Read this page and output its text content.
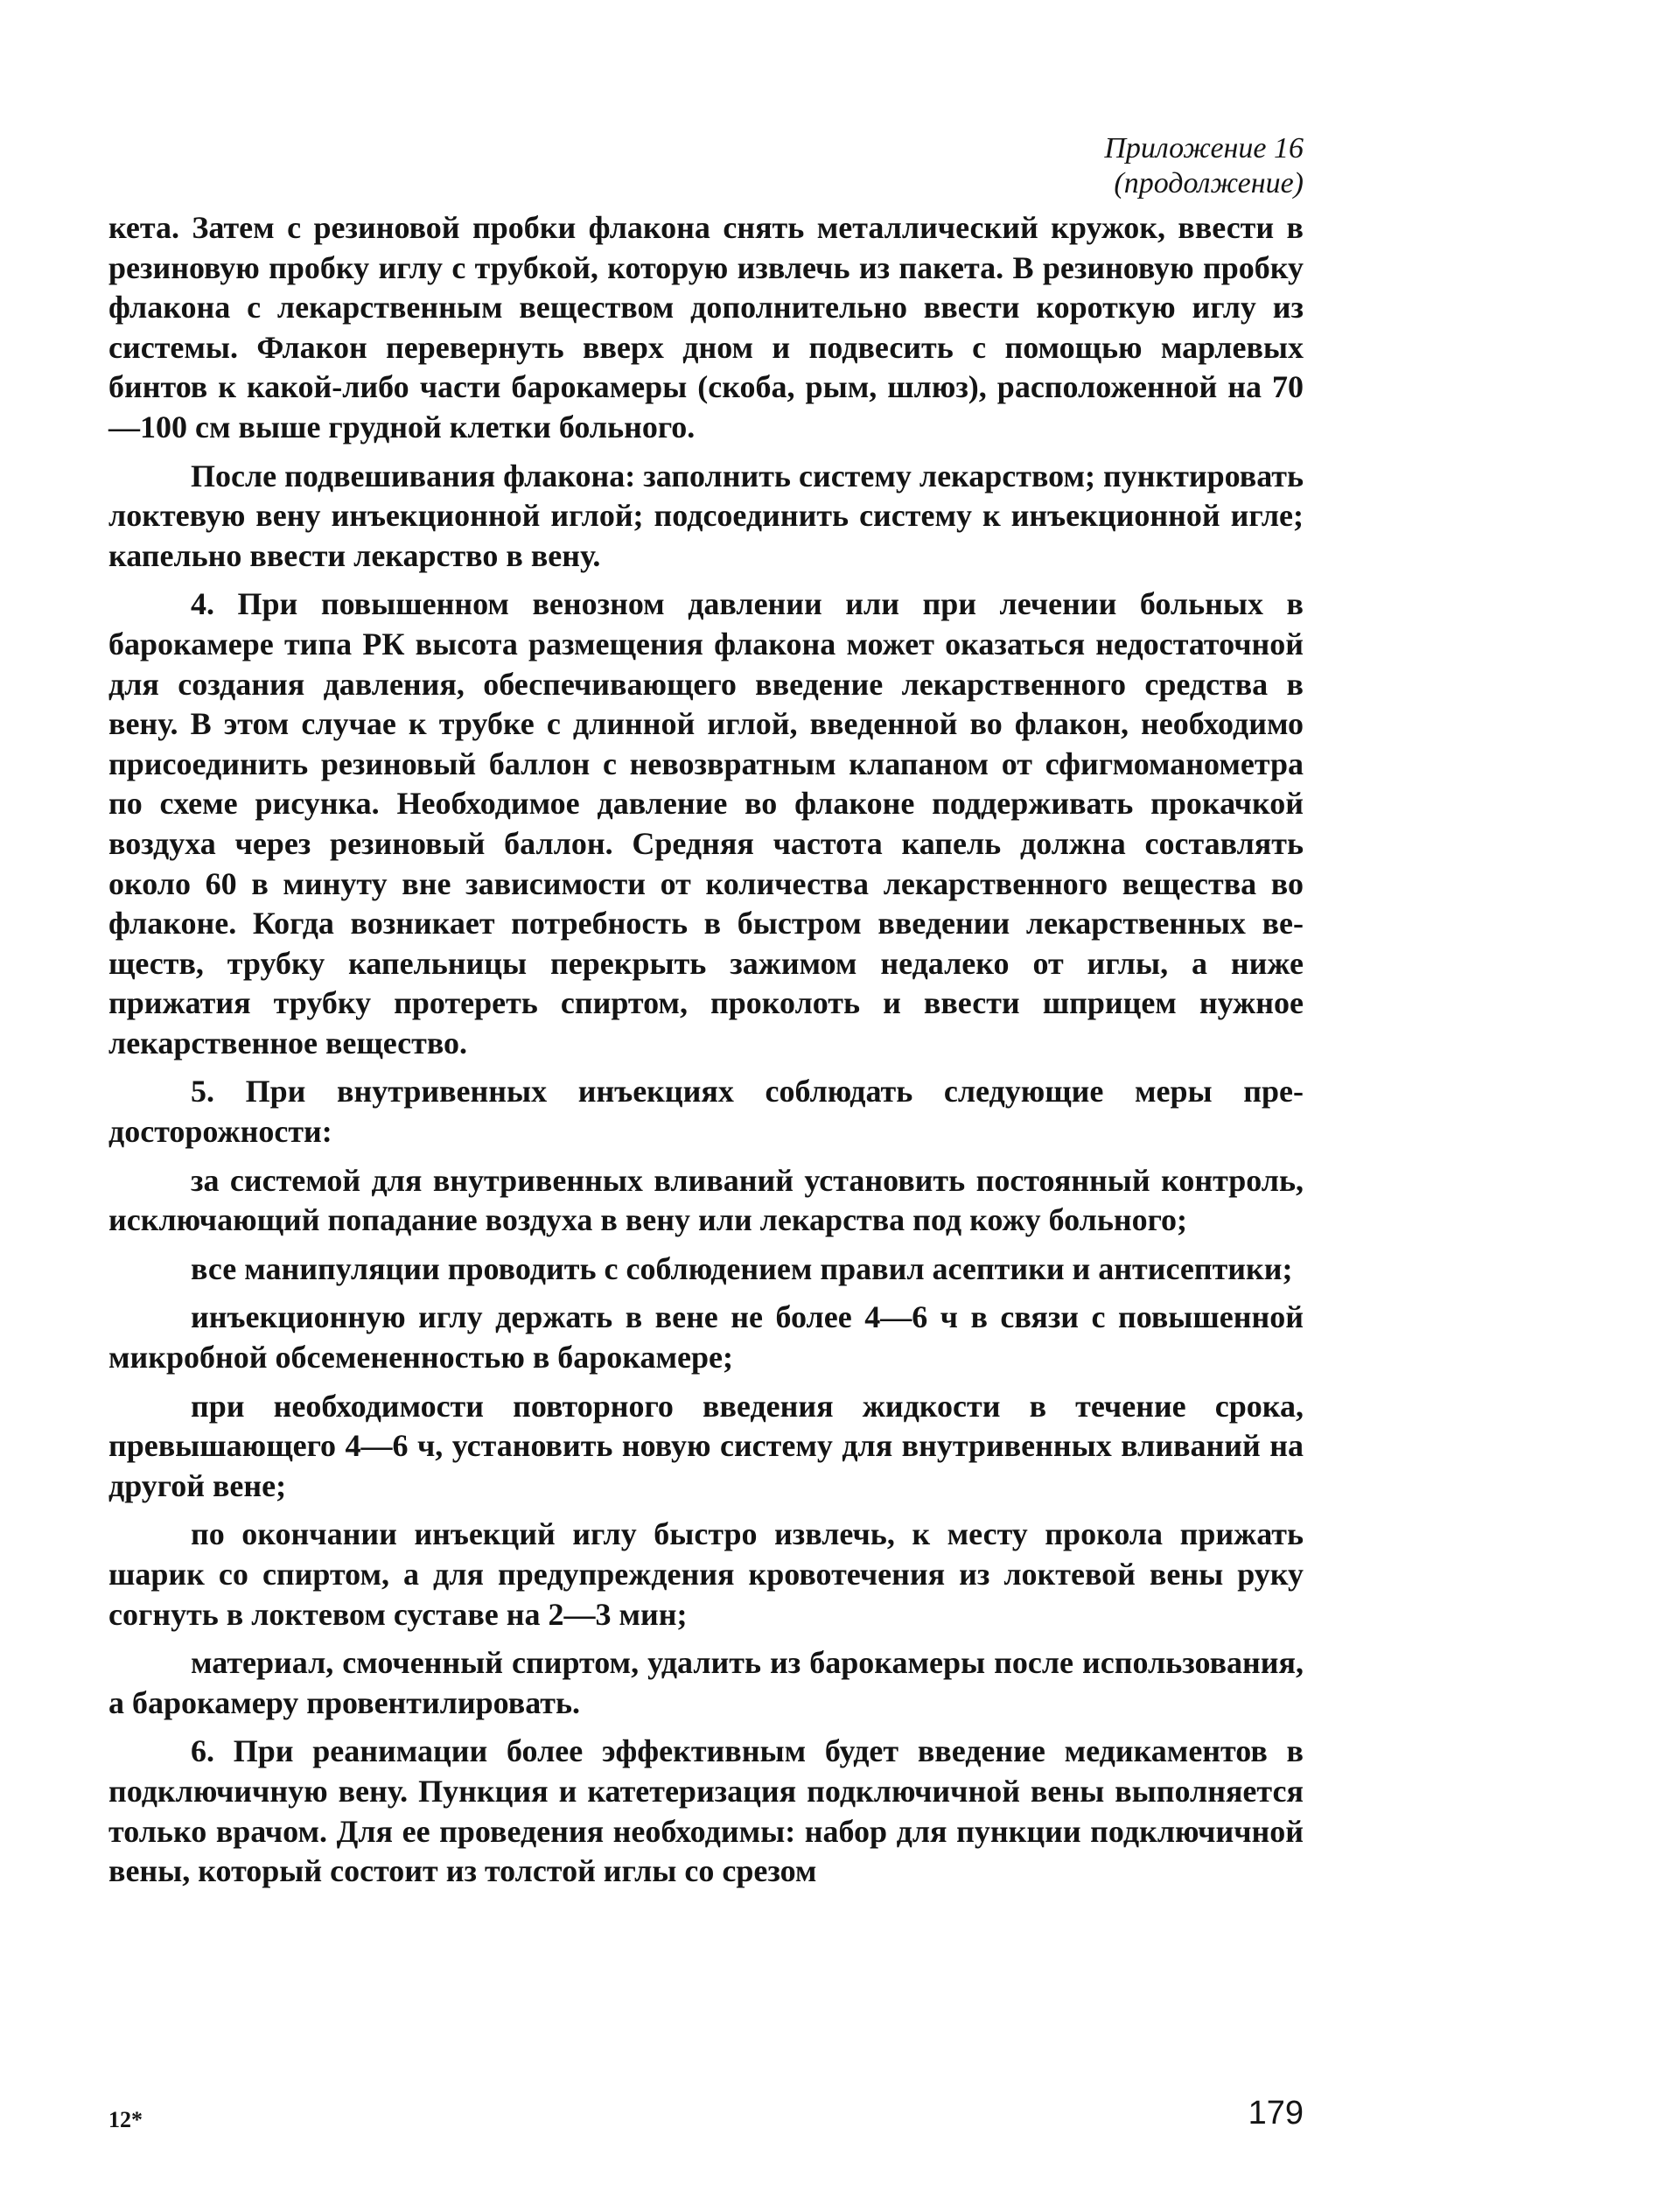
Приложение 16
(продолжение)

кета. Затем с резиновой пробки флакона снять металлический кружок, ввести в резиновую пробку иглу с трубкой, которую извлечь из пакета. В резиновую пробку флакона с лекарственным веществом дополнительно ввести короткую иглу из системы. Флакон перевернуть вверх дном и подвесить с помощью марлевых бинтов к какой-либо части барокамеры (скоба, рым, шлюз), расположенной на 70—100 см выше грудной клетки больного.

После подвешивания флакона: заполнить систему лекарством; пунктировать локтевую вену инъекционной иглой; подсоединить систему к инъекционной игле; капельно ввести лекарство в вену.

4. При повышенном венозном давлении или при лечении больных в барокамере типа РК высота размещения флакона может оказаться недостаточной для создания давления, обеспечивающего введение лекарственного средства в вену. В этом случае к трубке с длинной иглой, введенной во флакон, необходимо присоединить резиновый баллон с невозвратным клапаном от сфигмоманометра по схеме рисунка. Необходимое давление во флаконе поддерживать прокачкой воздуха через резиновый баллон. Средняя частота капель должна составлять около 60 в минуту вне зависимости от количества лекарственного вещества во флаконе. Когда возникает потребность в быстром введении лекарственных веществ, трубку капельницы перекрыть зажимом недалеко от иглы, а ниже прижатия трубку протереть спиртом, проколоть и ввести шприцем нужное лекарственное вещество.

5. При внутривенных инъекциях соблюдать следующие меры предосторожности:

за системой для внутривенных вливаний установить постоянный контроль, исключающий попадание воздуха в вену или лекарства под кожу больного;

все манипуляции проводить с соблюдением правил асептики и антисептики;

инъекционную иглу держать в вене не более 4—6 ч в связи с повышенной микробной обсемененностью в барокамере;

при необходимости повторного введения жидкости в течение срока, превышающего 4—6 ч, установить новую систему для внутривенных вливаний на другой вене;

по окончании инъекций иглу быстро извлечь, к месту прокола прижать шарик со спиртом, а для предупреждения кровотечения из локтевой вены руку согнуть в локтевом суставе на 2—3 мин;

материал, смоченный спиртом, удалить из барокамеры после использования, а барокамеру провентилировать.

6. При реанимации более эффективным будет введение медикаментов в подключичную вену. Пункция и катетеризация подключичной вены выполняется только врачом. Для ее проведения необходимы: набор для пункции подключичной вены, который состоит из толстой иглы со срезом

12*	179
